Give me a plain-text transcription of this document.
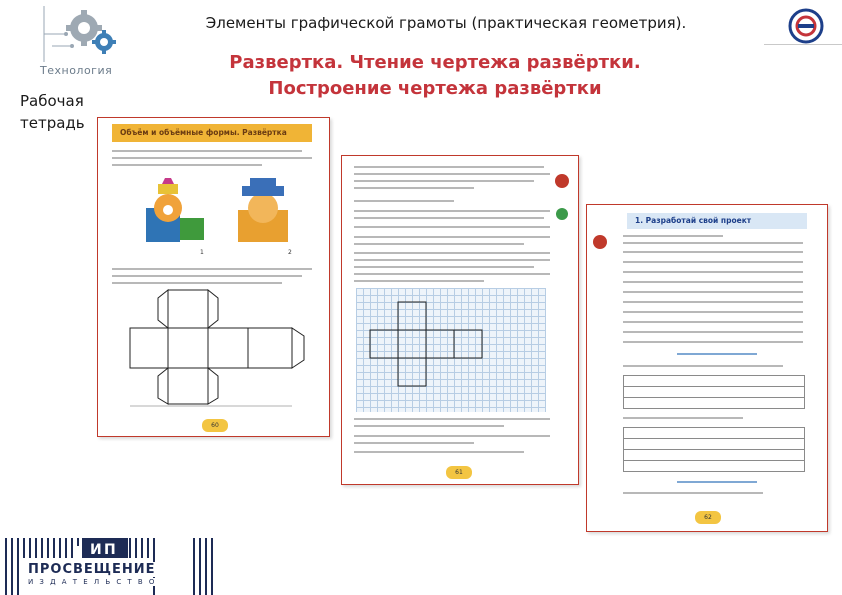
Технология
Элементы графической грамоты (практическая геометрия).
Развертка. Чтение чертежа развёртки.
Построение чертежа развёртки
Рабочая
тетрадь
Объём и объёмные формы. Развёртка
1	2
60
61
1. Разработай свой проект
62
И П
ПРОСВЕЩЕНИЕ
ИЗДАТЕЛЬСТВО
